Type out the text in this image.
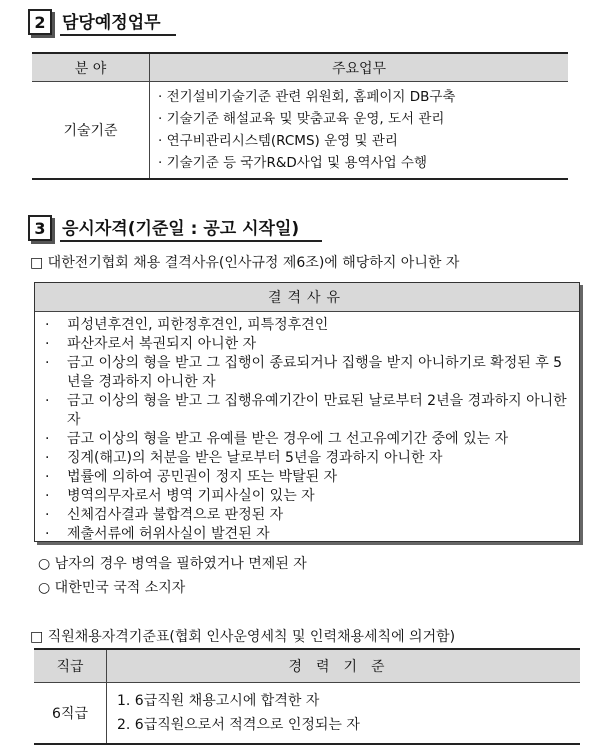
2 담당예정업무
분 야	주요업무
기술기준	· 전기설비기술기준 관련 위원회, 홈페이지 DB구축
· 기술기준 해설교육 및 맞춤교육 운영, 도서 관리
· 연구비관리시스템(RCMS) 운영 및 관리
· 기술기준 등 국가R&D사업 및 용역사업 수행
3 응시자격(기준일 : 공고 시작일)
□ 대한전기협회 채용 결격사유(인사규정 제6조)에 해당하지 아니한 자
결격사유
·	피성년후견인, 피한정후견인, 피특정후견인
·	파산자로서 복권되지 아니한 자
·	금고 이상의 형을 받고 그 집행이 종료되거나 집행을 받지 아니하기로 확정된 후 5년을 경과하지 아니한 자
·	금고 이상의 형을 받고 그 집행유예기간이 만료된 날로부터 2년을 경과하지 아니한 자
·	금고 이상의 형을 받고 유예를 받은 경우에 그 선고유예기간 중에 있는 자
·	징계(해고)의 처분을 받은 날로부터 5년을 경과하지 아니한 자
·	법률에 의하여 공민권이 정지 또는 박탈된 자
·	병역의무자로서 병역 기피사실이 있는 자
·	신체검사결과 불합격으로 판정된 자
·	제출서류에 허위사실이 발견된 자
○ 남자의 경우 병역을 필하였거나 면제된 자
○ 대한민국 국적 소지자
□ 직원채용자격기준표(협회 인사운영세칙 및 인력채용세칙에 의거함)
직급	경력기준
6직급	1. 6급직원 채용고시에 합격한 자
2. 6급직원으로서 적격으로 인정되는 자
